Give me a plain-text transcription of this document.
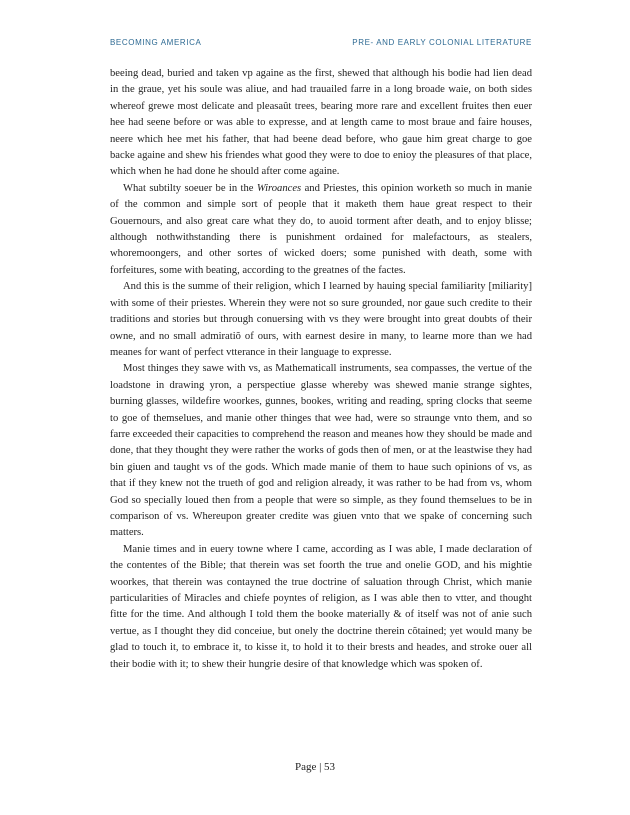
BECOMING AMERICA	PRE- AND EARLY COLONIAL LITERATURE

beeing dead, buried and taken vp againe as the first, shewed that although his bodie had lien dead in the graue, yet his soule was aliue, and had trauailed farre in a long broade waie, on both sides whereof grewe most delicate and pleasaût trees, bearing more rare and excellent fruites then euer hee had seene before or was able to expresse, and at length came to most braue and faire houses, neere which hee met his father, that had beene dead before, who gaue him great charge to goe backe againe and shew his friendes what good they were to doe to enioy the pleasures of that place, which when he had done he should after come againe.

What subtilty soeuer be in the Wiroances and Priestes, this opinion worketh so much in manie of the common and simple sort of people that it maketh them haue great respect to their Gouernours, and also great care what they do, to auoid torment after death, and to enjoy blisse; although nothwithstanding there is punishment ordained for malefactours, as stealers, whoremoongers, and other sortes of wicked doers; some punished with death, some with forfeitures, some with beating, according to the greatnes of the factes.

And this is the summe of their religion, which I learned by hauing special familiarity [miliarity] with some of their priestes. Wherein they were not so sure grounded, nor gaue such credite to their traditions and stories but through conuersing with vs they were brought into great doubts of their owne, and no small admiratiõ of ours, with earnest desire in many, to learne more than we had meanes for want of perfect vtterance in their language to expresse.

Most thinges they sawe with vs, as Mathematicall instruments, sea compasses, the vertue of the loadstone in drawing yron, a perspectiue glasse whereby was shewed manie strange sightes, burning glasses, wildefire woorkes, gunnes, bookes, writing and reading, spring clocks that seeme to goe of themselues, and manie other thinges that wee had, were so straunge vnto them, and so farre exceeded their capacities to comprehend the reason and meanes how they should be made and done, that they thought they were rather the works of gods then of men, or at the leastwise they had bin giuen and taught vs of the gods. Which made manie of them to haue such opinions of vs, as that if they knew not the trueth of god and religion already, it was rather to be had from vs, whom God so specially loued then from a people that were so simple, as they found themselues to be in comparison of vs. Whereupon greater credite was giuen vnto that we spake of concerning such matters.

Manie times and in euery towne where I came, according as I was able, I made declaration of the contentes of the Bible; that therein was set foorth the true and onelie GOD, and his mightie woorkes, that therein was contayned the true doctrine of saluation through Christ, which manie particularities of Miracles and chiefe poyntes of religion, as I was able then to vtter, and thought fitte for the time. And although I told them the booke materially & of itself was not of anie such vertue, as I thought they did conceiue, but onely the doctrine therein cõtained; yet would many be glad to touch it, to embrace it, to kisse it, to hold it to their brests and heades, and stroke ouer all their bodie with it; to shew their hungrie desire of that knowledge which was spoken of.

Page | 53
